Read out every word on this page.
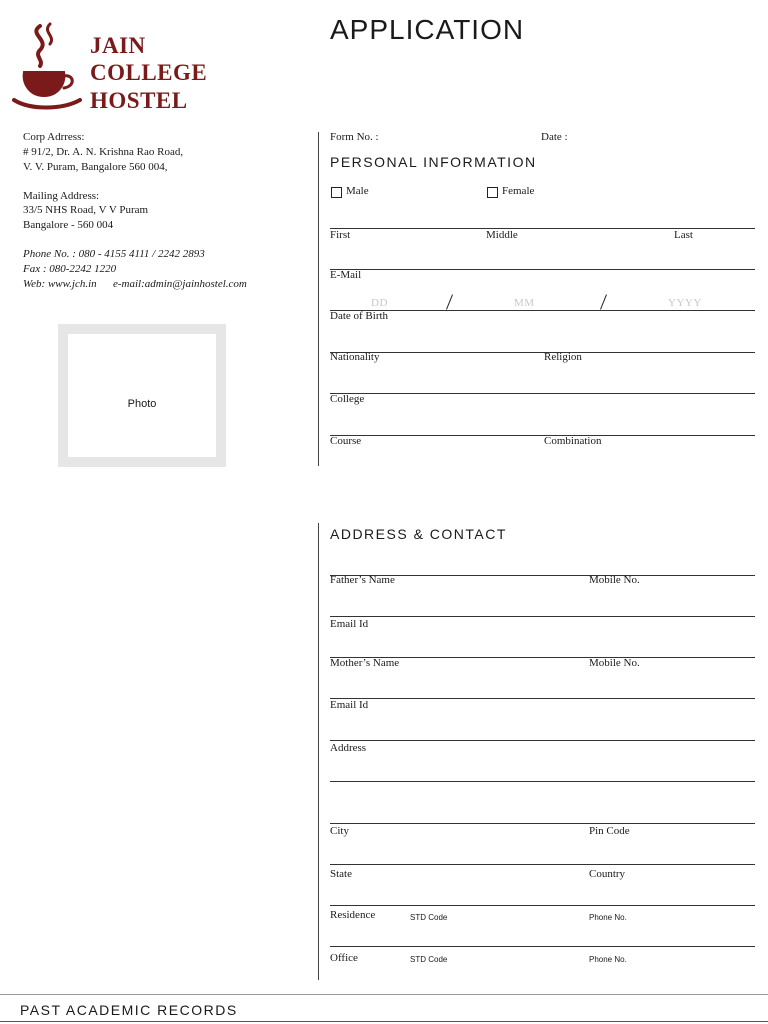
JAIN
COLLEGE
HOSTEL
APPLICATION
Corp Adrress:
# 91/2, Dr. A. N. Krishna Rao Road,
V. V. Puram, Bangalore 560 004,
Mailing Address:
33/5 NHS Road, V V Puram
Bangalore - 560 004
Phone No. : 080 - 4155 4111 / 2242 2893
Fax : 080-2242 1220
Web: www.jch.in e-mail:admin@jainhostel.com
Photo
Form No. :	Date :
PERSONAL INFORMATION
Male	Female
First	Middle	Last
E-Mail
DD	MM	YYYY
Date of Birth
Nationality	Religion
College
Course	Combination
ADDRESS & CONTACT
Father’s Name	Mobile No.
Email Id
Mother’s Name	Mobile No.
Email Id
Address
City	Pin Code
State	Country
Residence	STD Code	Phone No.
Office	STD Code	Phone No.
PAST ACADEMIC RECORDS
